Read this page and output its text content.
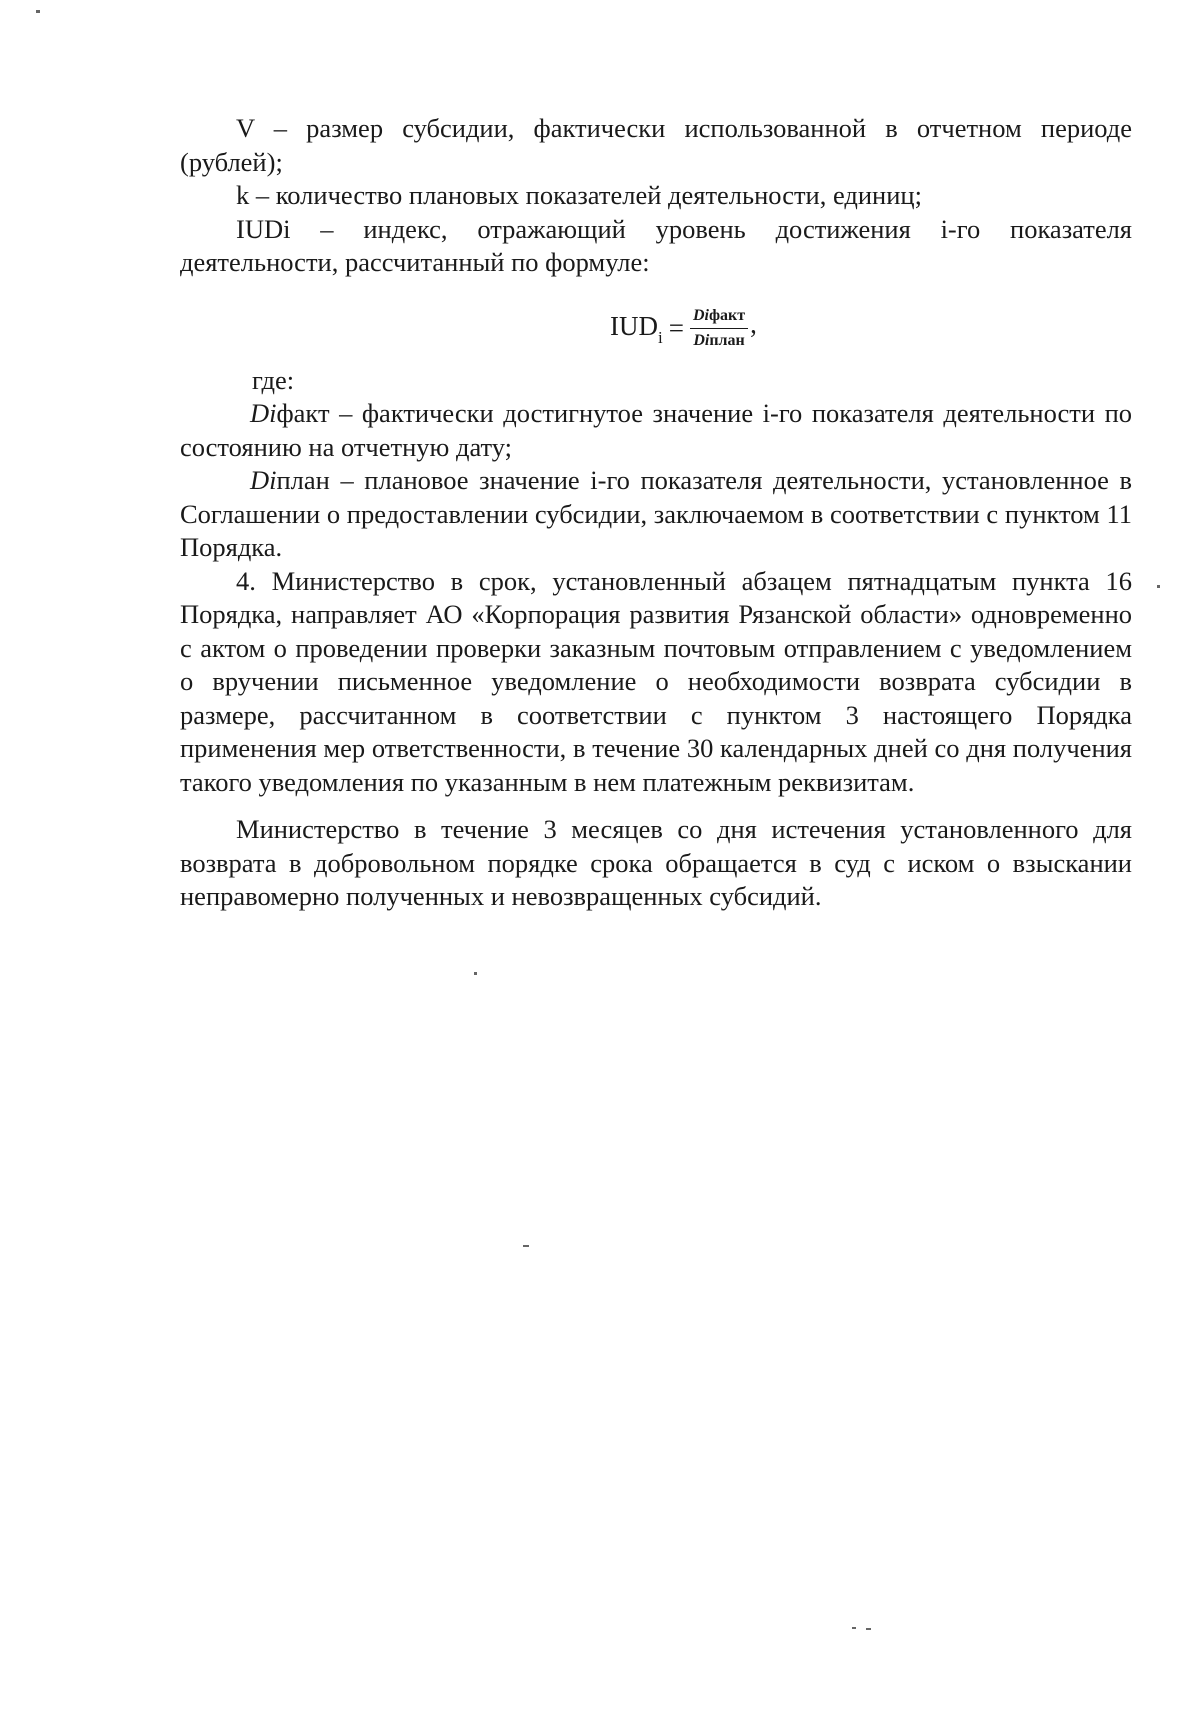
V – размер субсидии, фактически использованной в отчетном периоде (рублей);

k – количество плановых показателей деятельности, единиц;

IUDi – индекс, отражающий уровень достижения i-го показателя деятельности, рассчитанный по формуле:

$IUD_i = \frac{\text{Diфакт}}{\text{Diплан}}$ ,

где:

Diфакт – фактически достигнутое значение i-го показателя деятельности по состоянию на отчетную дату;

Diплан – плановое значение i-го показателя деятельности, установленное в Соглашении о предоставлении субсидии, заключаемом в соответствии с пунктом 11 Порядка.

4. Министерство в срок, установленный абзацем пятнадцатым пункта 16 Порядка, направляет АО «Корпорация развития Рязанской области» одновременно с актом о проведении проверки заказным почтовым отправлением с уведомлением о вручении письменное уведомление о необходимости возврата субсидии в размере, рассчитанном в соответствии с пунктом 3 настоящего Порядка применения мер ответственности, в течение 30 календарных дней со дня получения такого уведомления по указанным в нем платежным реквизитам.

Министерство в течение 3 месяцев со дня истечения установленного для возврата в добровольном порядке срока обращается в суд с иском о взыскании неправомерно полученных и невозвращенных субсидий.
